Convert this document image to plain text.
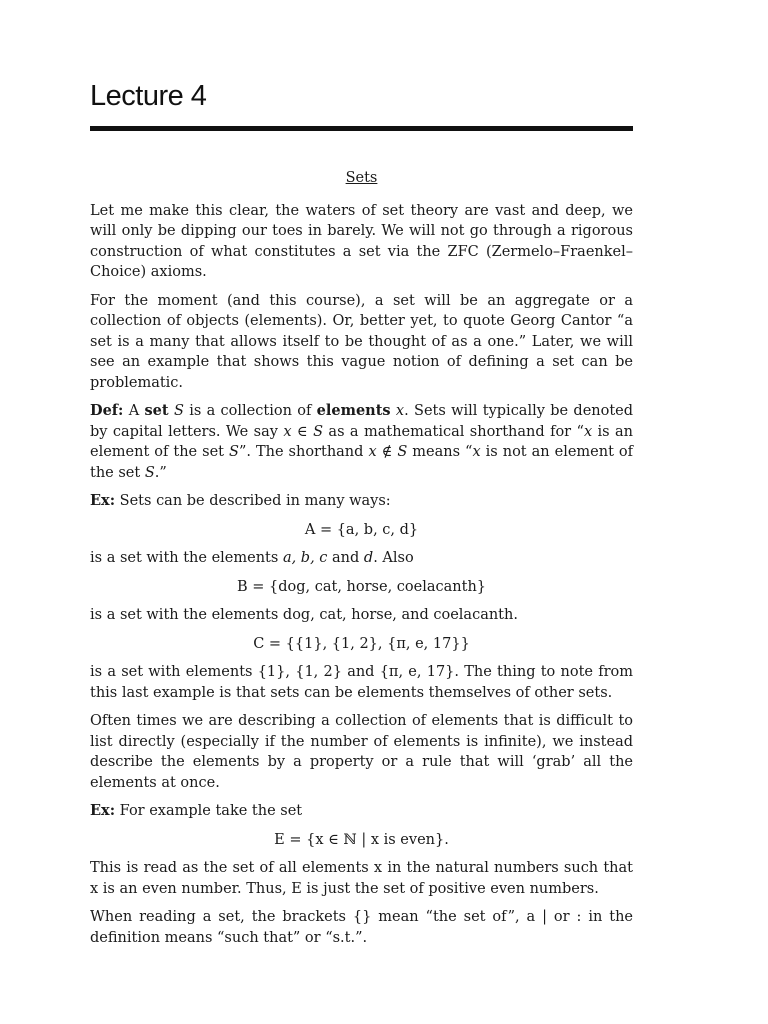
Lecture 4
Sets

Let me make this clear, the waters of set theory are vast and deep, we will only be dipping our toes in barely. We will not go through a rigorous construction of what constitutes a set via the ZFC (Zermelo–Fraenkel–Choice) axioms.

For the moment (and this course), a set will be an aggregate or a collection of objects (elements). Or, better yet, to quote Georg Cantor “a set is a many that allows itself to be thought of as a one.” Later, we will see an example that shows this vague notion of defining a set can be problematic.

Def: A set S is a collection of elements x. Sets will typically be denoted by capital letters. We say x ∈ S as a mathematical shorthand for “x is an element of the set S”. The shorthand x ∉ S means “x is not an element of the set S.”

Ex: Sets can be described in many ways:

A = {a, b, c, d}

is a set with the elements a, b, c and d. Also

B = {dog, cat, horse, coelacanth}

is a set with the elements dog, cat, horse, and coelacanth.

C = {{1}, {1, 2}, {π, e, 17}}

is a set with elements {1}, {1, 2} and {π, e, 17}. The thing to note from this last example is that sets can be elements themselves of other sets.

Often times we are describing a collection of elements that is difficult to list directly (especially if the number of elements is infinite), we instead describe the elements by a property or a rule that will ‘grab’ all the elements at once.

Ex: For example take the set

E = {x ∈ ℕ | x is even}.

This is read as the set of all elements x in the natural numbers such that x is an even number. Thus, E is just the set of positive even numbers.

When reading a set, the brackets {} mean “the set of”, a | or : in the definition means “such that” or “s.t.”.
